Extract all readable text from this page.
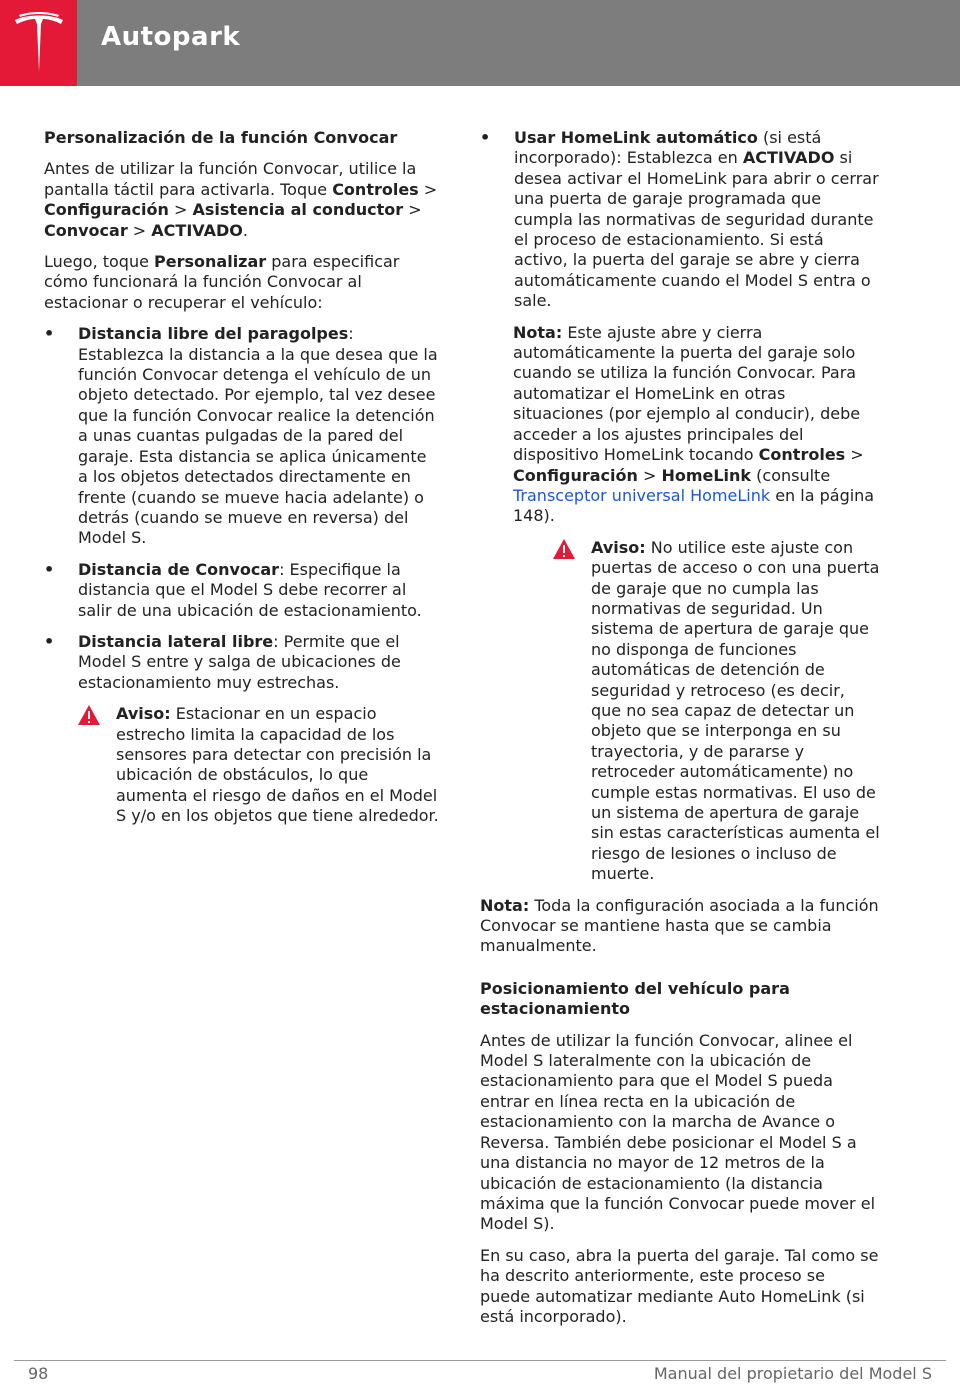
Autopark
Personalización de la función Convocar

Antes de utilizar la función Convocar, utilice la pantalla táctil para activarla. Toque Controles > Configuración > Asistencia al conductor > Convocar > ACTIVADO.

Luego, toque Personalizar para especificar cómo funcionará la función Convocar al estacionar o recuperar el vehículo:

• Distancia libre del paragolpes: Establezca la distancia a la que desea que la función Convocar detenga el vehículo de un objeto detectado. Por ejemplo, tal vez desee que la función Convocar realice la detención a unas cuantas pulgadas de la pared del garaje. Esta distancia se aplica únicamente a los objetos detectados directamente en frente (cuando se mueve hacia adelante) o detrás (cuando se mueve en reversa) del Model S.
• Distancia de Convocar: Especifique la distancia que el Model S debe recorrer al salir de una ubicación de estacionamiento.
• Distancia lateral libre: Permite que el Model S entre y salga de ubicaciones de estacionamiento muy estrechas.
Aviso: Estacionar en un espacio estrecho limita la capacidad de los sensores para detectar con precisión la ubicación de obstáculos, lo que aumenta el riesgo de daños en el Model S y/o en los objetos que tiene alrededor.
• Usar HomeLink automático (si está incorporado): Establezca en ACTIVADO si desea activar el HomeLink para abrir o cerrar una puerta de garaje programada que cumpla las normativas de seguridad durante el proceso de estacionamiento. Si está activo, la puerta del garaje se abre y cierra automáticamente cuando el Model S entra o sale.

Nota: Este ajuste abre y cierra automáticamente la puerta del garaje solo cuando se utiliza la función Convocar. Para automatizar el HomeLink en otras situaciones (por ejemplo al conducir), debe acceder a los ajustes principales del dispositivo HomeLink tocando Controles > Configuración > HomeLink (consulte Transceptor universal HomeLink en la página 148).

Aviso: No utilice este ajuste con puertas de acceso o con una puerta de garaje que no cumpla las normativas de seguridad. Un sistema de apertura de garaje que no disponga de funciones automáticas de detención de seguridad y retroceso (es decir, que no sea capaz de detectar un objeto que se interponga en su trayectoria, y de pararse y retroceder automáticamente) no cumple estas normativas. El uso de un sistema de apertura de garaje sin estas características aumenta el riesgo de lesiones o incluso de muerte.

Nota: Toda la configuración asociada a la función Convocar se mantiene hasta que se cambia manualmente.

Posicionamiento del vehículo para estacionamiento

Antes de utilizar la función Convocar, alinee el Model S lateralmente con la ubicación de estacionamiento para que el Model S pueda entrar en línea recta en la ubicación de estacionamiento con la marcha de Avance o Reversa. También debe posicionar el Model S a una distancia no mayor de 12 metros de la ubicación de estacionamiento (la distancia máxima que la función Convocar puede mover el Model S).

En su caso, abra la puerta del garaje. Tal como se ha descrito anteriormente, este proceso se puede automatizar mediante Auto HomeLink (si está incorporado).

98	Manual del propietario del Model S
